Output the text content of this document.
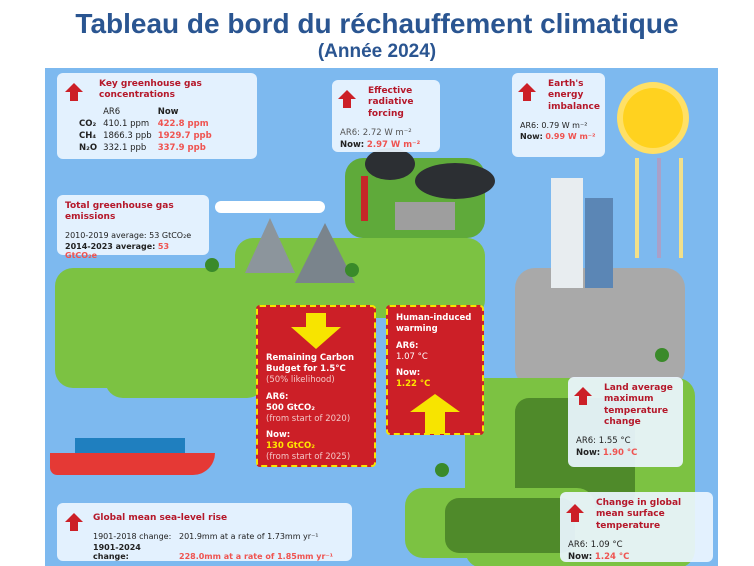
Tableau de bord du réchauffement climatique
(Année 2024)
Key greenhouse gas concentrations
	AR6	Now
CO₂	410.1 ppm	422.8 ppm
CH₄	1866.3 ppb	1929.7 ppb
N₂O	332.1 ppb	337.9 ppb
Effective radiative forcing
AR6: 2.72 W m⁻²
Now: 2.97 W m⁻²
Earth's energy imbalance
AR6: 0.79 W m⁻²
Now: 0.99 W m⁻²
Total greenhouse gas emissions
2010-2019 average: 53 GtCO₂e
2014-2023 average: 53 GtCO₂e
Remaining Carbon Budget for 1.5°C
(50% likelihood)
AR6:
500 GtCO₂
(from start of 2020)
Now:
130 GtCO₂
(from start of 2025)
Human-induced warming
AR6:
1.07 °C
Now:
1.22 °C	Land average maximum temperature change
AR6: 1.55 °C
Now: 1.90 °C
Global mean sea-level rise
1901-2018 change: 201.9mm at a rate of 1.73mm yr⁻¹
1901-2024 change:	228.0mm at a rate of 1.85mm yr⁻¹
Change in global mean surface temperature
AR6: 1.09 °C
Now: 1.24 °C
